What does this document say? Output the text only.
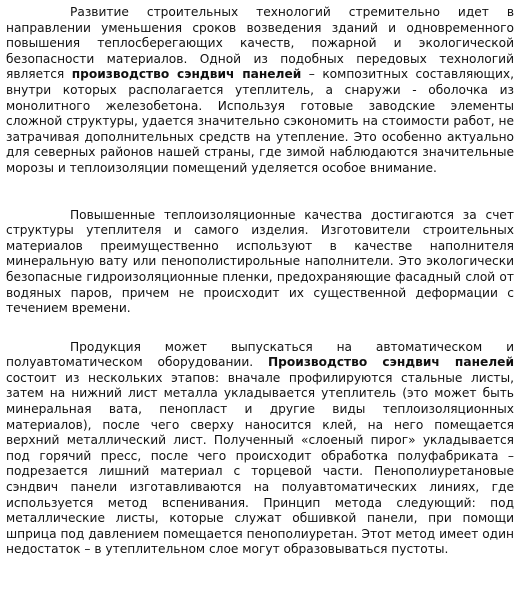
Развитие строительных технологий стремительно идет в направлении уменьшения сроков возведения зданий и одновременного повышения теплосберегающих качеств, пожарной и экологической безопасности материалов. Одной из подобных передовых технологий является производство сэндвич панелей – композитных составляющих, внутри которых располагается утеплитель, а снаружи - оболочка из монолитного железобетона. Используя готовые заводские элементы сложной структуры, удается значительно сэкономить на стоимости работ, не затрачивая дополнительных средств на утепление. Это особенно актуально для северных районов нашей страны, где зимой наблюдаются значительные морозы и теплоизоляции помещений уделяется особое внимание.

Повышенные теплоизоляционные качества достигаются за счет структуры утеплителя и самого изделия. Изготовители строительных материалов преимущественно используют в качестве наполнителя минеральную вату или пенополистирольные наполнители. Это экологически безопасные гидроизоляционные пленки, предохраняющие фасадный слой от водяных паров, причем не происходит их существенной деформации с течением времени.

Продукция может выпускаться на автоматическом и полуавтоматическом оборудовании. Производство сэндвич панелей состоит из нескольких этапов: вначале профилируются стальные листы, затем на нижний лист металла укладывается утеплитель (это может быть минеральная вата, пенопласт и другие виды теплоизоляционных материалов), после чего сверху наносится клей, на него помещается верхний металлический лист. Полученный «слоеный пирог» укладывается под горячий пресс, после чего происходит обработка полуфабриката – подрезается лишний материал с торцевой части. Пенополиуретановые сэндвич панели изготавливаются на полуавтоматических линиях, где используется метод вспенивания. Принцип метода следующий: под металлические листы, которые служат обшивкой панели, при помощи шприца под давлением помещается пенополиуретан. Этот метод имеет один недостаток – в утеплительном слое могут образовываться пустоты.
